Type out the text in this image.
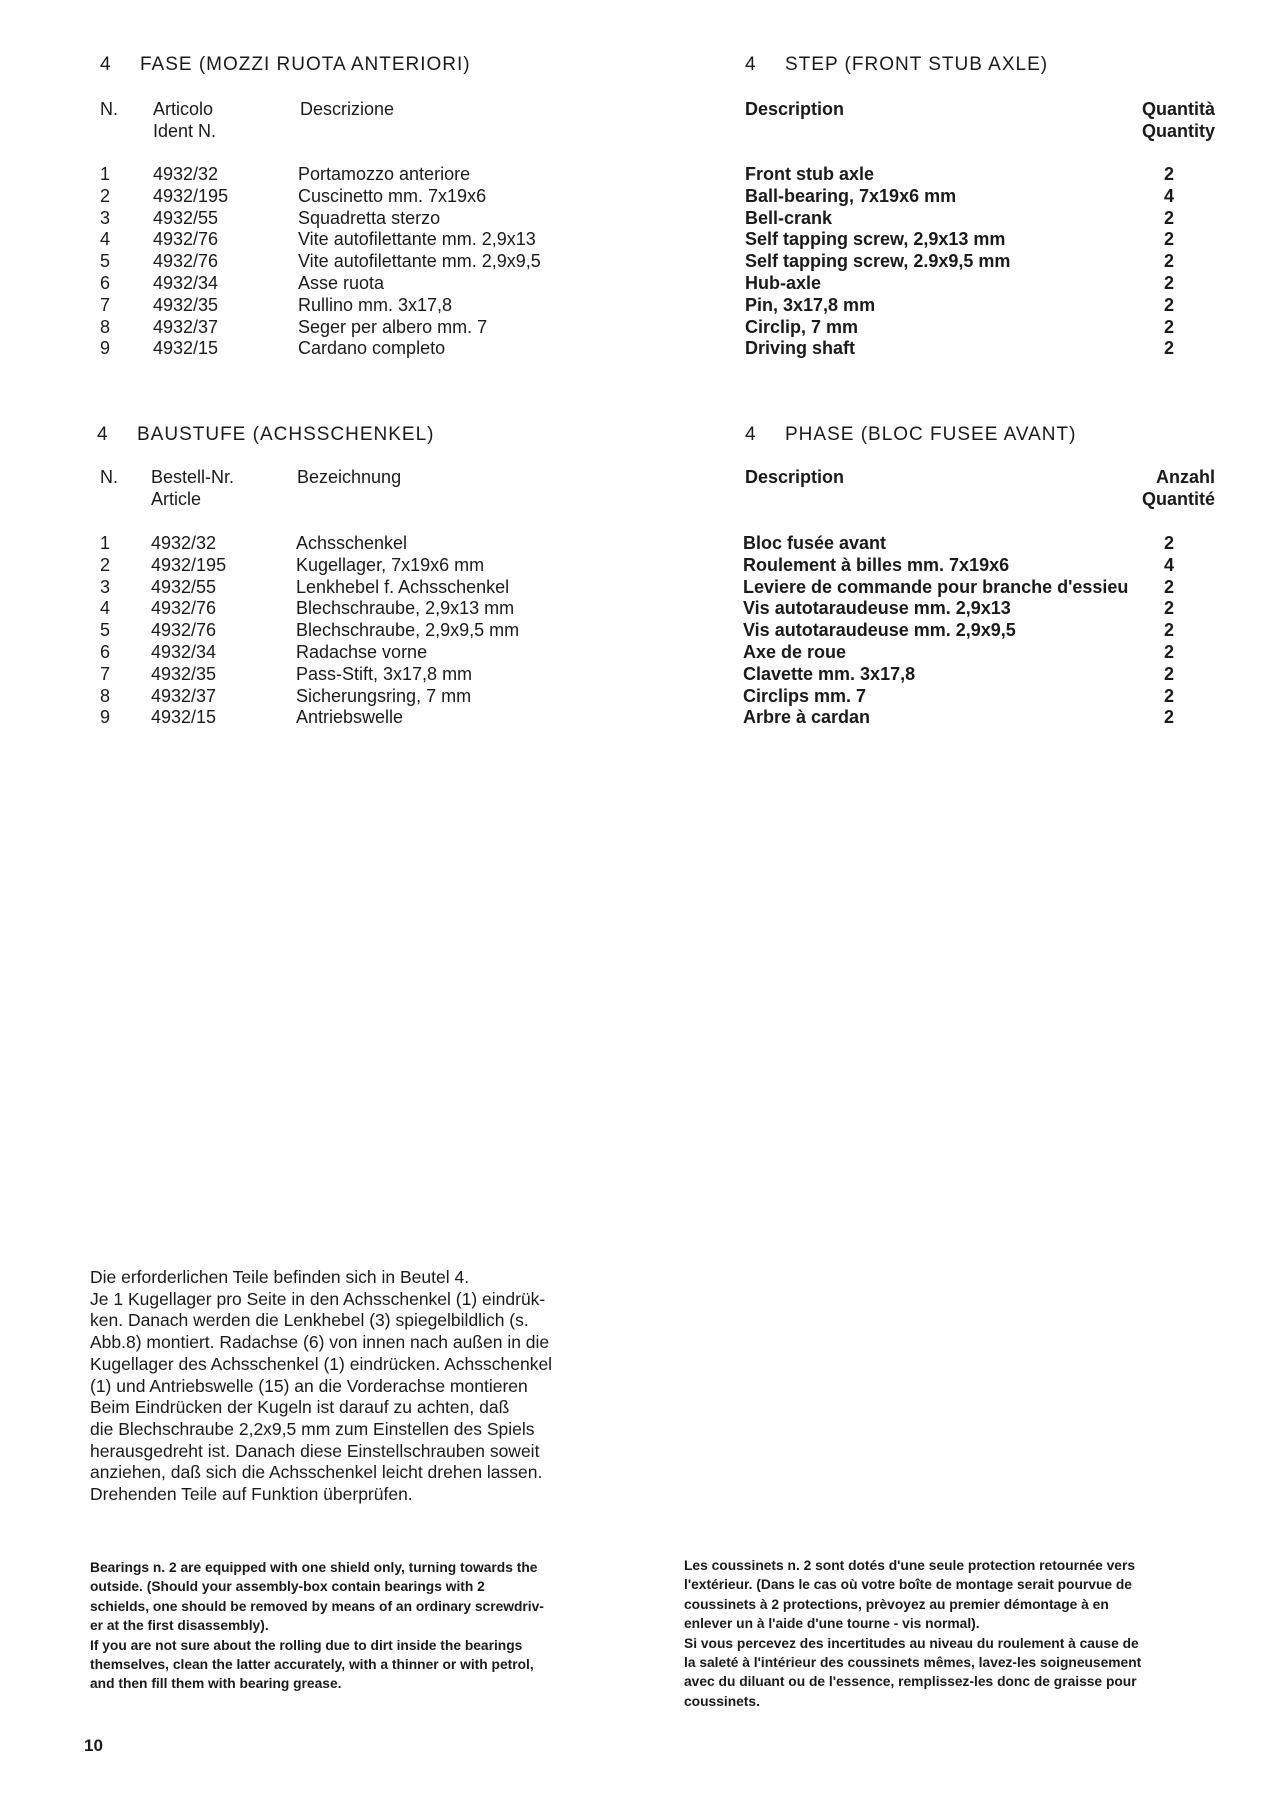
4 FASE (MOZZI RUOTA ANTERIORI)
N. Articolo
Ident N.
Descrizione
1 4932/32	Portamozzo anteriore
2 4932/195	Cuscinetto mm. 7x19x6
3 4932/55	Squadretta sterzo
4 4932/76	Vite autofilettante mm. 2,9x13
5 4932/76	Vite autofilettante mm. 2,9x9,5
6 4932/34	Asse ruota
7 4932/35	Rullino mm. 3x17,8
8 4932/37	Seger per albero mm. 7
9 4932/15	Cardano completo
4 STEP (FRONT STUB AXLE)
Description	Quantità
Quantity
Front stub axle	2
Ball-bearing, 7x19x6 mm	4
Bell-crank	2
Self tapping screw, 2,9x13 mm	2
Self tapping screw, 2.9x9,5 mm	2
Hub-axle	2
Pin, 3x17,8 mm	2
Circlip, 7 mm	2
Driving shaft	2
4 BAUSTUFE (ACHSSCHENKEL)
N. Bestell-Nr.
Article
Bezeichnung
1 4932/32	Achsschenkel
2 4932/195	Kugellager, 7x19x6 mm
3 4932/55	Lenkhebel f. Achsschenkel
4 4932/76	Blechschraube, 2,9x13 mm
5 4932/76	Blechschraube, 2,9x9,5 mm
6 4932/34	Radachse vorne
7 4932/35	Pass-Stift, 3x17,8 mm
8 4932/37	Sicherungsring, 7 mm
9 4932/15	Antriebswelle
4 PHASE (BLOC FUSEE AVANT)
Description	Anzahl
Quantité
Bloc fusée avant	2
Roulement à billes mm. 7x19x6	4
Leviere de commande pour branche d'essieu 2
Vis autotaraudeuse mm. 2,9x13	2
Vis autotaraudeuse mm. 2,9x9,5	2
Axe de roue	2
Clavette mm. 3x17,8	2
Circlips mm. 7	2
Arbre à cardan	2
Die erforderlichen Teile befinden sich in Beutel 4.
Je 1 Kugellager pro Seite in den Achsschenkel (1) eindrük-
ken. Danach werden die Lenkhebel (3) spiegelbildlich (s.
Abb.8) montiert. Radachse (6) von innen nach außen in die
Kugellager des Achsschenkel (1) eindrücken. Achsschenkel
(1) und Antriebswelle (15) an die Vorderachse montieren
Beim Eindrücken der Kugeln ist darauf zu achten, daß
die Blechschraube 2,2x9,5 mm zum Einstellen des Spiels
herausgedreht ist. Danach diese Einstellschrauben soweit
anziehen, daß sich die Achsschenkel leicht drehen lassen.
Drehenden Teile auf Funktion überprüfen.
Bearings n. 2 are equipped with one shield only, turning towards the
outside. (Should your assembly-box contain bearings with 2
schields, one should be removed by means of an ordinary screwdriv-
er at the first disassembly).
If you are not sure about the rolling due to dirt inside the bearings
themselves, clean the latter accurately, with a thinner or with petrol,
and then fill them with bearing grease.
Les coussinets n. 2 sont dotés d'une seule protection retournée vers
l'extérieur. (Dans le cas où votre boîte de montage serait pourvue de
coussinets à 2 protections, prèvoyez au premier démontage à en
enlever un à l'aide d'une tourne - vis normal).
Si vous percevez des incertitudes au niveau du roulement à cause de
la saleté à l'intérieur des coussinets mêmes, lavez-les soigneusement
avec du diluant ou de l'essence, remplissez-les donc de graisse pour
coussinets.
10
